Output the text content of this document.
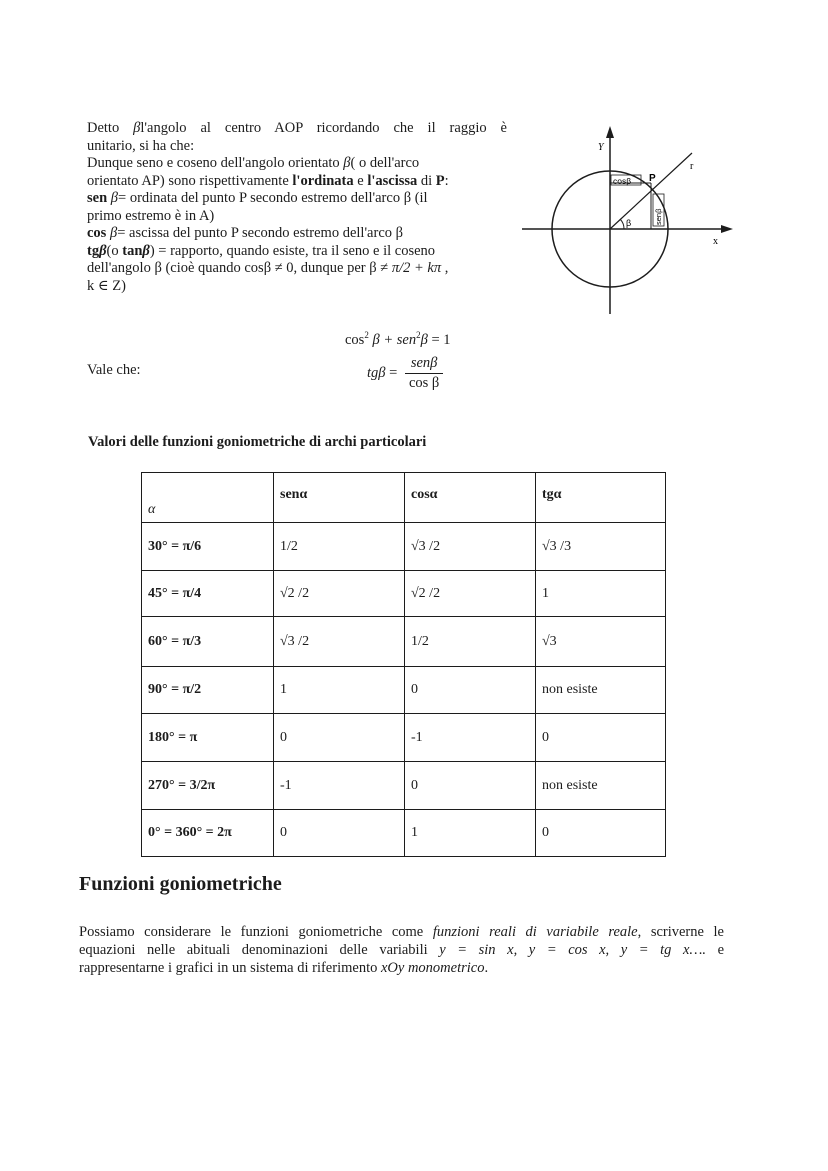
Detto βl'angolo al centro AOP ricordando che il raggio è
unitario, si ha che:
Dunque seno e coseno dell'angolo orientato β( o dell'arco
orientato AP) sono rispettivamente l'ordinata e l'ascissa di P:
sen β= ordinata del punto P secondo estremo dell'arco β (il
primo estremo è in A)
cos β= ascissa del punto P secondo estremo dell'arco β
tgβ(o tanβ) = rapporto, quando esiste, tra il seno e il coseno
dell'angolo β (cioè quando cosβ ≠ 0, dunque per β ≠ π/2 + kπ ,
k ∈ Z)
Y
x
r
P
cosβ
senβ
β
$\cos^2 \beta + sen^2\beta = 1$
Vale che:	$tg\beta = \frac{\text{senβ}}{\text{cos β}}$
Valori delle funzioni goniometriche di archi particolari
α	senα	cosα	tgα
30° = π/6	1/2	√3 /2	√3 /3
45° = π/4	√2 /2	√2 /2	1
60° = π/3	√3 /2	1/2	√3
90° = π/2	1	0	non esiste
180° = π	0	-1	0
270° = 3/2π	-1	0	non esiste
0° = 360° = 2π	0	1	0
Funzioni goniometriche
Possiamo considerare le funzioni goniometriche come funzioni reali di variabile reale, scriverne le
equazioni nelle abituali denominazioni delle variabili y = sin x, y = cos x, y = tg x…. e
rappresentarne i grafici in un sistema di riferimento xOy monometrico.
